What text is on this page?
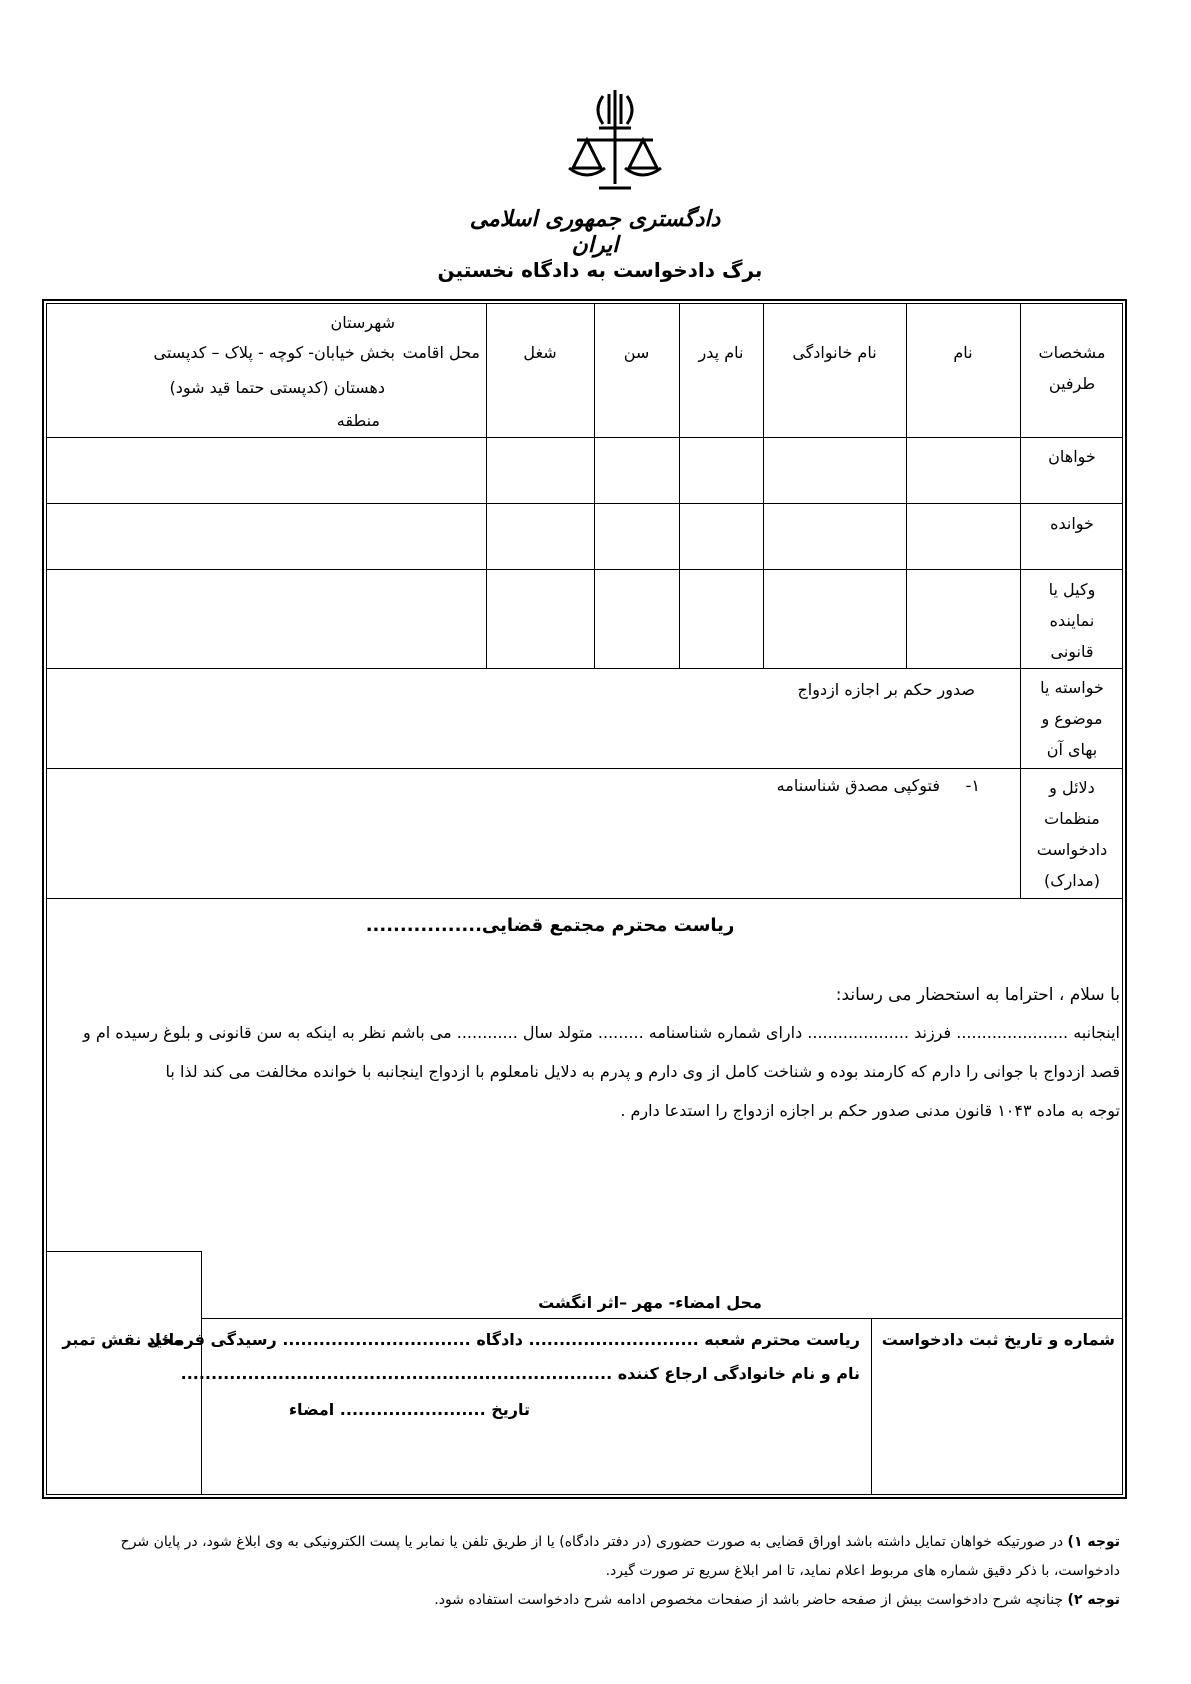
دادگستری جمهوری اسلامی ایران
برگ دادخواست به دادگاه نخستین
مشخصات طرفین
نام
نام خانوادگی
نام پدر
سن
شغل
محل اقامت
شهرستان
بخش خیابان- کوچه - پلاک – کدپستی
دهستان (کدپستی حتما قید شود)
منطقه
خواهان
خوانده
وکیل یا
نماینده
قانونی
خواسته یا
موضوع و
بهای آن
صدور حکم بر اجازه ازدواج
دلائل و
منظمات
دادخواست
(مدارک)
۱-
فتوکپی مصدق شناسنامه
ریاست محترم مجتمع قضایی.................
با سلام ، احتراما به استحضار می رساند:
اینجانبه ...................... فرزند .................... دارای شماره شناسنامه ......... متولد سال ............ می باشم نظر به اینکه به سن قانونی و بلوغ رسیده ام و
قصد ازدواج با جوانی را دارم که کارمند بوده و شناخت کامل از وی دارم و پدرم به دلایل نامعلوم با ازدواج اینجانبه با خوانده مخالفت می کند لذا با
توجه به ماده ۱۰۴۳ قانون مدنی صدور حکم بر اجازه ازدواج را استدعا دارم .
محل امضاء- مهر –اثر انگشت
شماره و تاریخ ثبت دادخواست
ریاست محترم شعبه ............................ دادگاه ............................... رسیدگی فرمائید
نام و نام خانوادگی ارجاع کننده .......................................................................
تاریخ ........................ امضاء
محل نقش تمبر
توجه ۱) در صورتیکه خواهان تمایل داشته باشد اوراق قضایی به صورت حضوری (در دفتر دادگاه) یا از طریق تلفن یا نمابر یا پست الکترونیکی به وی ابلاغ شود، در پایان شرح دادخواست، با ذکر دقیق شماره های مربوط اعلام نماید، تا امر ابلاغ سریع تر صورت گیرد.
توجه ۲) چنانچه شرح دادخواست بیش از صفحه حاضر باشد از صفحات مخصوص ادامه شرح دادخواست استفاده شود.
